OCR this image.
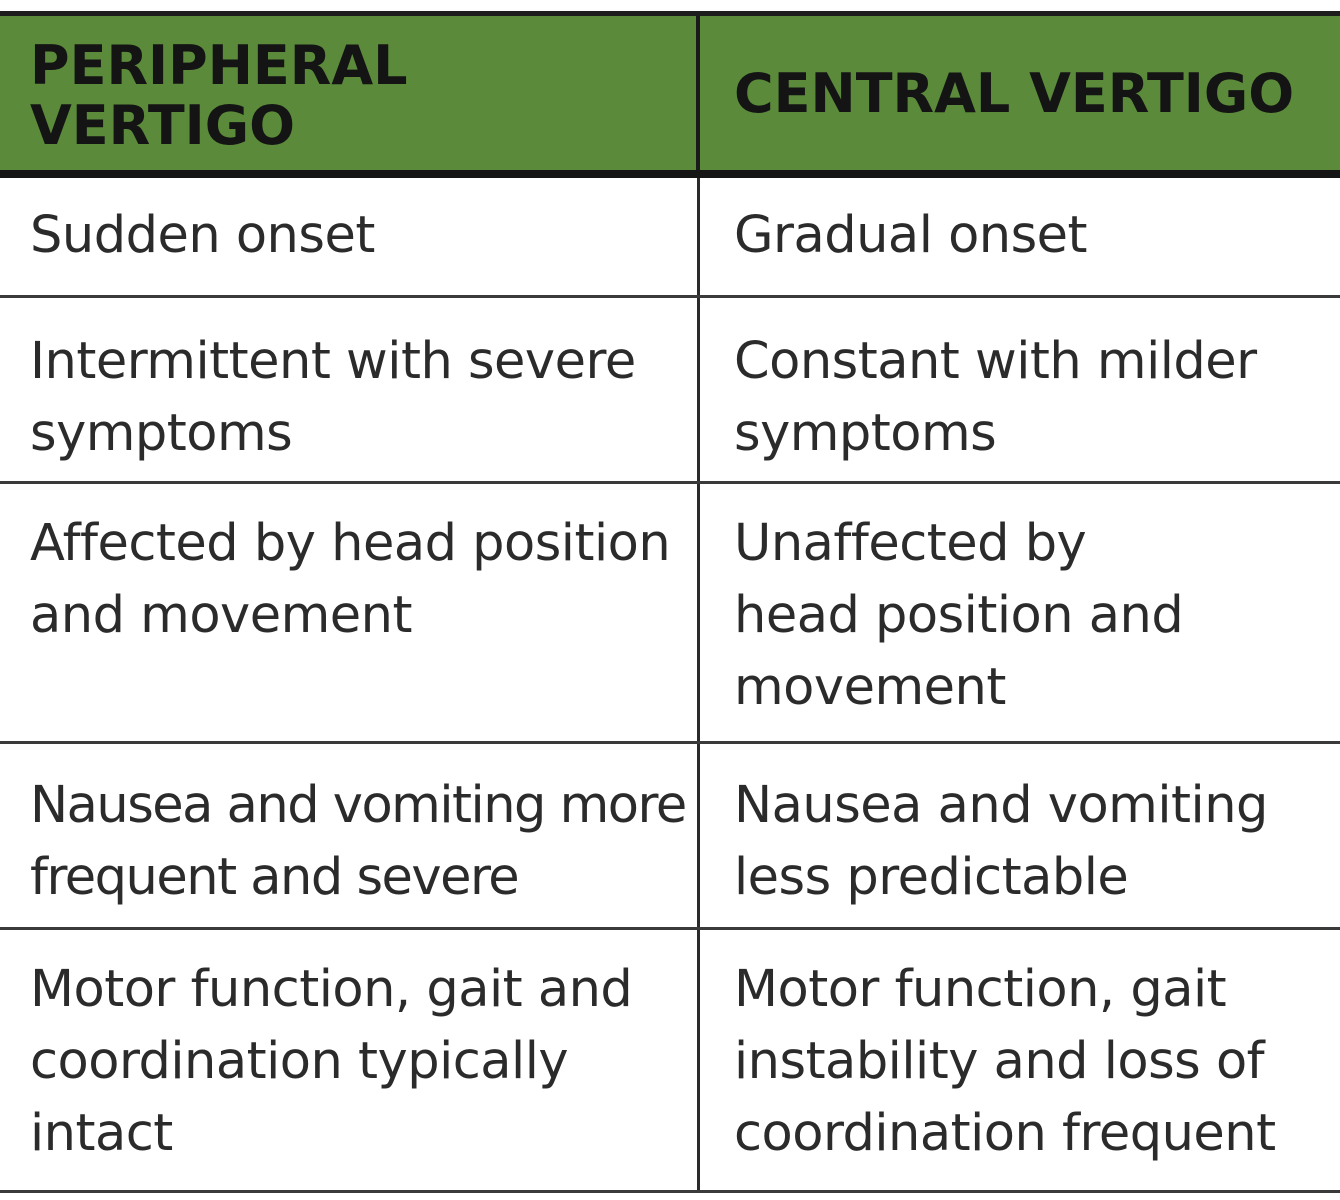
PERIPHERAL VERTIGO
CENTRAL VERTIGO
Sudden onset	Gradual onset
Intermittent with severe symptoms
Constant with milder symptoms
Affected by head position and movement
Unaffected by head position and movement
Nausea and vomiting more frequent and severe
Nausea and vomiting less predictable
Motor function, gait and coordination typically intact
Motor function, gait instability and loss of coordination frequent
